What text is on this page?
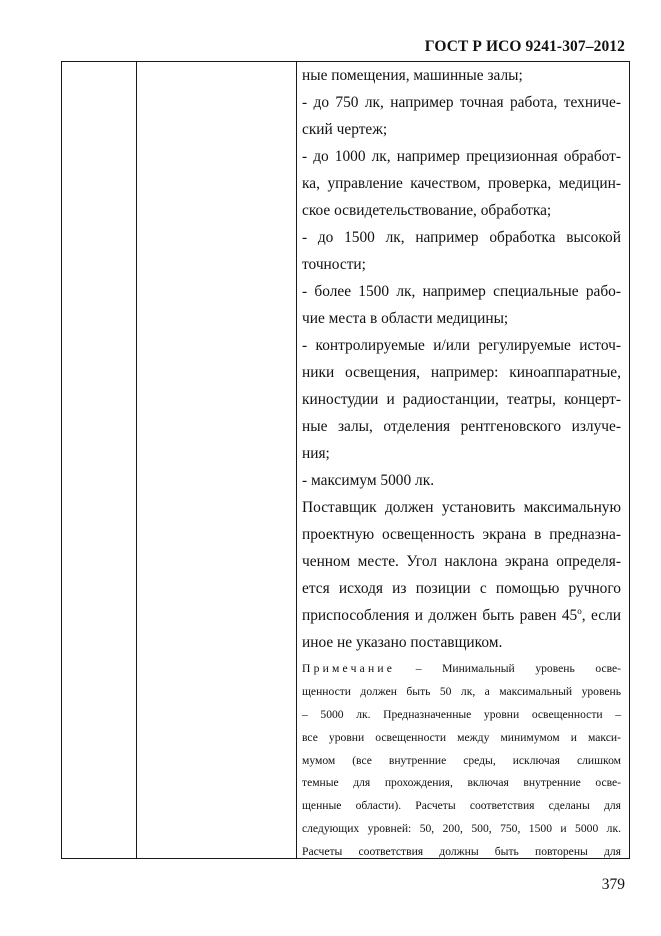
ГОСТ Р ИСО 9241-307–2012
ные помещения, машинные залы;
- до 750 лк, например точная работа, техниче-
ский чертеж;
- до 1000 лк, например прецизионная обработ-
ка, управление качеством, проверка, медицин-
ское освидетельствование, обработка;
- до 1500 лк, например обработка высокой
точности;
- более 1500 лк, например специальные рабо-
чие места в области медицины;
- контролируемые и/или регулируемые источ-
ники освещения, например: киноаппаратные,
киностудии и радиостанции, театры, концерт-
ные залы, отделения рентгеновского излуче-
ния;
- максимум 5000 лк.
Поставщик должен установить максимальную
проектную освещенность экрана в предназна-
ченном месте. Угол наклона экрана определя-
ется исходя из позиции с помощью ручного
приспособления и должен быть равен $45^о$, если
иное не указано поставщиком.
Примечание – Минимальный уровень осве-
щенности должен быть 50 лк, а максимальный уровень
– 5000 лк. Предназначенные уровни освещенности –
все уровни освещенности между минимумом и макси-
мумом (все внутренние среды, исключая слишком
темные для прохождения, включая внутренние осве-
щенные области). Расчеты соответствия сделаны для
следующих уровней: 50, 200, 500, 750, 1500 и 5000 лк.
Расчеты соответствия должны быть повторены для
379
